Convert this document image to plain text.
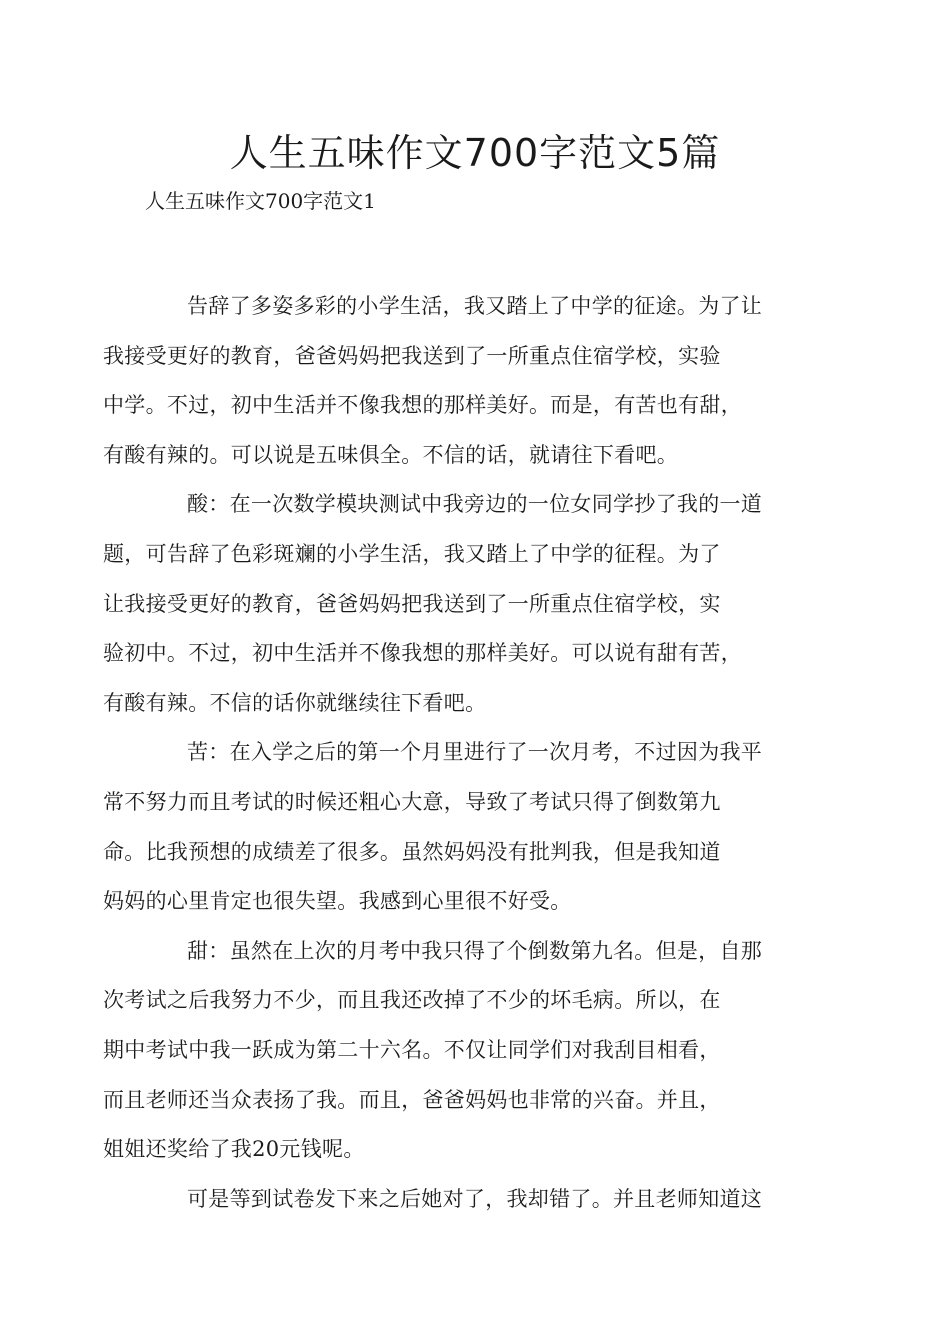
人生五味作文700字范文5篇
人生五味作文700字范文1

告辞了多姿多彩的小学生活，我又踏上了中学的征途。为了让
我接受更好的教育，爸爸妈妈把我送到了一所重点住宿学校，实验
中学。不过，初中生活并不像我想的那样美好。而是，有苦也有甜，
有酸有辣的。可以说是五味俱全。不信的话，就请往下看吧。

酸：在一次数学模块测试中我旁边的一位女同学抄了我的一道
题，可告辞了色彩斑斓的小学生活，我又踏上了中学的征程。为了
让我接受更好的教育，爸爸妈妈把我送到了一所重点住宿学校，实
验初中。不过，初中生活并不像我想的那样美好。可以说有甜有苦，
有酸有辣。不信的话你就继续往下看吧。

苦：在入学之后的第一个月里进行了一次月考，不过因为我平
常不努力而且考试的时候还粗心大意，导致了考试只得了倒数第九
命。比我预想的成绩差了很多。虽然妈妈没有批判我，但是我知道
妈妈的心里肯定也很失望。我感到心里很不好受。

甜：虽然在上次的月考中我只得了个倒数第九名。但是，自那
次考试之后我努力不少，而且我还改掉了不少的坏毛病。所以，在
期中考试中我一跃成为第二十六名。不仅让同学们对我刮目相看，
而且老师还当众表扬了我。而且，爸爸妈妈也非常的兴奋。并且，
姐姐还奖给了我20元钱呢。

可是等到试卷发下来之后她对了，我却错了。并且老师知道这
